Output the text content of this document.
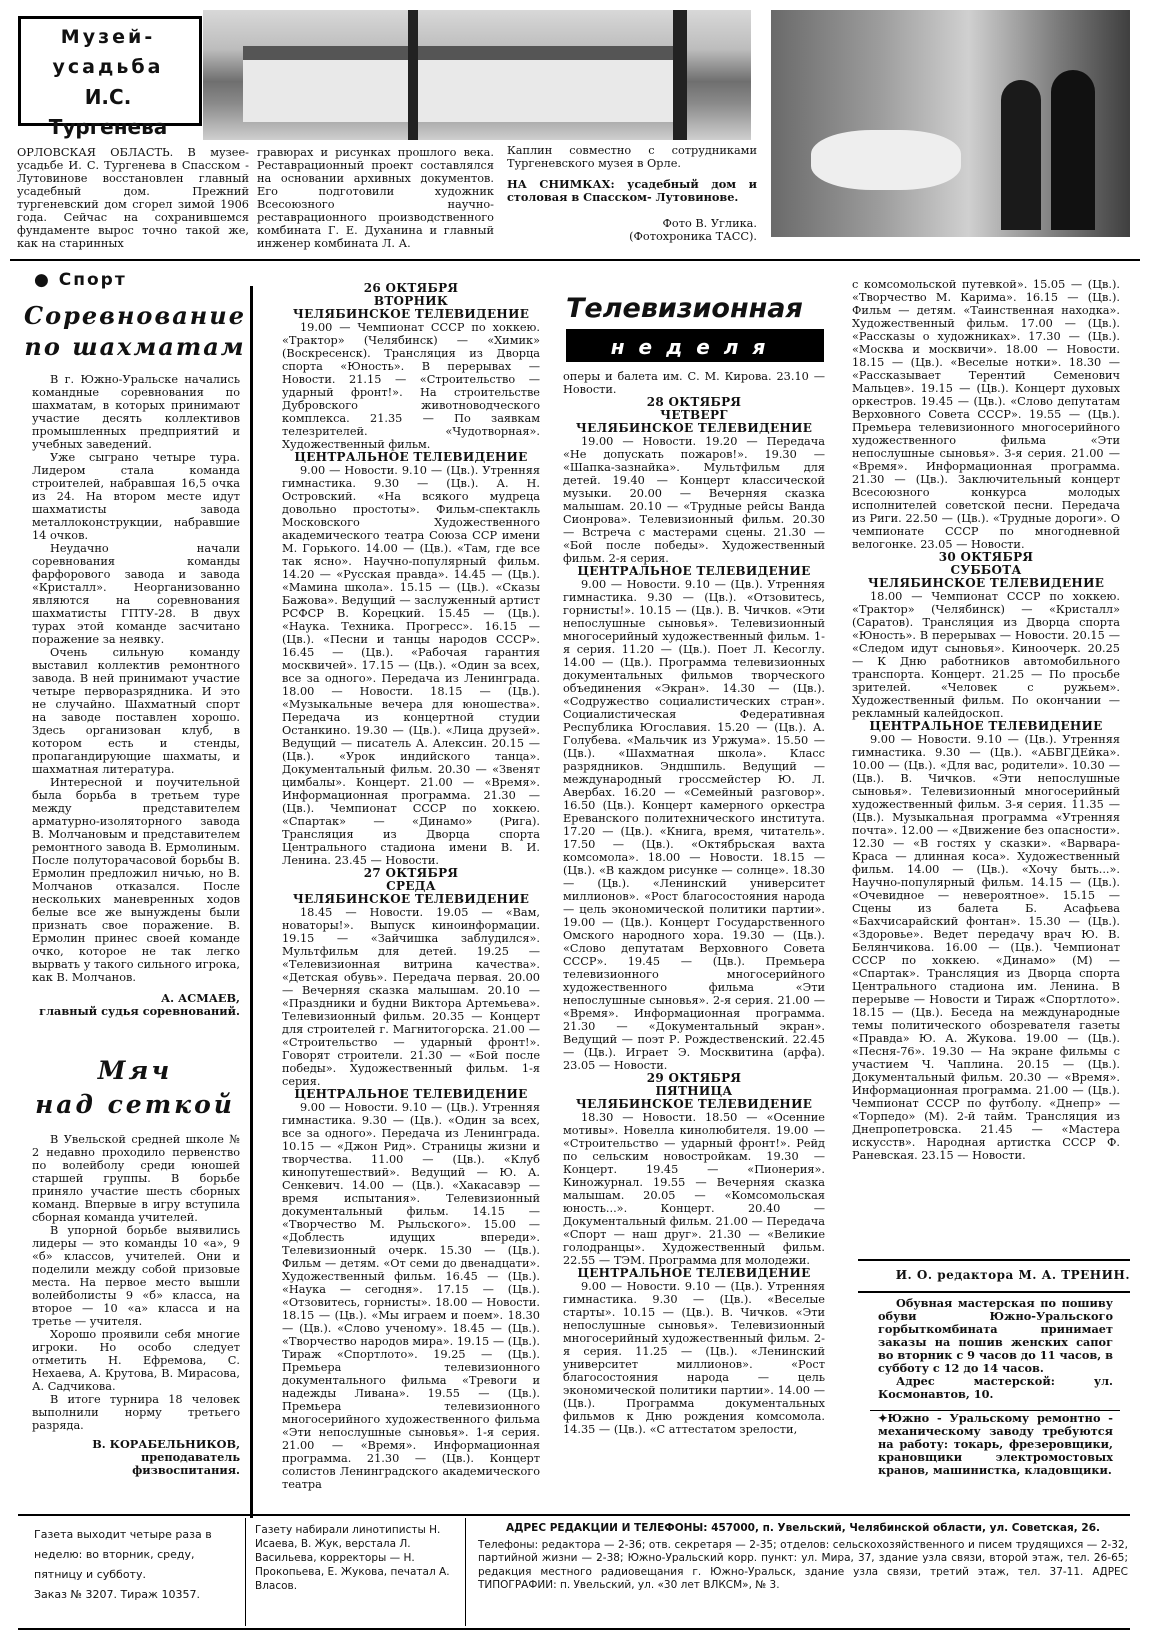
Музей-
усадьба
И.С. Тургенева
ОРЛОВСКАЯ ОБЛАСТЬ. В музее-усадьбе И. С. Тургенева в Спасском - Лутовинове восстановлен главный усадебный дом. Прежний тургеневский дом сгорел зимой 1906 года. Сейчас на сохранившемся фундаменте вырос точно такой же, как на старинных
гравюрах и рисунках прошлого века. Реставрационный проект составлялся на основании архивных документов. Его подготовили художник Всесоюзного научно-реставрационного производственного комбината Г. Е. Духанина и главный инженер комбината Л. А.
Каплин совместно с сотрудниками Тургеневского музея в Орле.
НА СНИМКАХ: усадебный дом и столовая в Спасском- Лутовинове.
Фото В. Углика.
(Фотохроника ТАСС).
● Спорт
Соревнование
по шахматам

В г. Южно-Уральске начались командные соревнования по шахматам, в которых принимают участие десять коллективов промышленных предприятий и учебных заведений.

Уже сыграно четыре тура. Лидером стала команда строителей, набравшая 16,5 очка из 24. На втором месте идут шахматисты завода металлоконструкции, набравшие 14 очков.

Неудачно начали соревнования команды фарфорового завода и завода «Кристалл». Неорганизованно являются на соревнования шахматисты ГПТУ-28. В двух турах этой команде засчитано поражение за неявку.

Очень сильную команду выставил коллектив ремонтного завода. В ней принимают участие четыре перворазрядника. И это не случайно. Шахматный спорт на заводе поставлен хорошо. Здесь организован клуб, в котором есть и стенды, пропагандирующие шахматы, и шахматная литература.

Интересной и поучительной была борьба в третьем туре между представителем арматурно-изоляторного завода В. Молчановым и представителем ремонтного завода В. Ермолиным. После полуторачасовой борьбы В. Ермолин предложил ничью, но В. Молчанов отказался. После нескольких маневренных ходов белые все же вынуждены были признать свое поражение. В. Ермолин принес своей команде очко, которое не так легко вырвать у такого сильного игрока, как В. Молчанов.

А. АСМАЕВ,

главный судья соревнований.

Мяч
над сеткой

В Увельской средней школе № 2 недавно проходило первенство по волейболу среди юношей старшей группы. В борьбе приняло участие шесть сборных команд. Впервые в игру вступила сборная команда учителей.

В упорной борьбе выявились лидеры — это команды 10 «а», 9 «б» классов, учителей. Они и поделили между собой призовые места. На первое место вышли волейболисты 9 «б» класса, на второе — 10 «а» класса и на третье — учителя.

Хорошо проявили себя многие игроки. Но особо следует отметить Н. Ефремова, С. Нехаева, А. Крутова, В. Мирасова, А. Садчикова.

В итоге турнира 18 человек выполнили норму третьего разряда.

В. КОРАБЕЛЬНИКОВ,

преподаватель физвоспитания.

Телевизионная
неделя
26 ОКТЯБРЯ
ВТОРНИК
ЧЕЛЯБИНСКОЕ ТЕЛЕВИДЕНИЕ

19.00 — Чемпионат СССР по хоккею. «Трактор» (Челябинск) — «Химик» (Воскресенск). Трансляция из Дворца спорта «Юность». В перерывах — Новости. 21.15 — «Строительство — ударный фронт!». На строительстве Дубровского животноводческого комплекса. 21.35 — По заявкам телезрителей. «Чудотворная». Художественный фильм.

ЦЕНТРАЛЬНОЕ ТЕЛЕВИДЕНИЕ

9.00 — Новости. 9.10 — (Цв.). Утренняя гимнастика. 9.30 — (Цв.). А. Н. Островский. «На всякого мудреца довольно простоты». Фильм-спектакль Московского Художественного академического театра Союза ССР имени М. Горького. 14.00 — (Цв.). «Там, где все так ясно». Научно-популярный фильм. 14.20 — «Русская правда». 14.45 — (Цв.). «Мамина школа». 15.15 — (Цв.). «Сказы Бажова». Ведущий — заслуженный артист РСФСР В. Корецкий. 15.45 — (Цв.). «Наука. Техника. Прогресс». 16.15 — (Цв.). «Песни и танцы народов СССР». 16.45 — (Цв.). «Рабочая гарантия москвичей». 17.15 — (Цв.). «Один за всех, все за одного». Передача из Ленинграда. 18.00 — Новости. 18.15 — (Цв.). «Музыкальные вечера для юношества». Передача из концертной студии Останкино. 19.30 — (Цв.). «Лица друзей». Ведущий — писатель А. Алексин. 20.15 — (Цв.). «Урок индийского танца». Документальный фильм. 20.30 — «Звенят цимбалы». Концерт. 21.00 — «Время». Информационная программа. 21.30 — (Цв.). Чемпионат СССР по хоккею. «Спартак» — «Динамо» (Рига). Трансляция из Дворца спорта Центрального стадиона имени В. И. Ленина. 23.45 — Новости.

27 ОКТЯБРЯ
СРЕДА
ЧЕЛЯБИНСКОЕ ТЕЛЕВИДЕНИЕ

18.45 — Новости. 19.05 — «Вам, новаторы!». Выпуск киноинформации. 19.15 — «Зайчишка заблудился». Мультфильм для детей. 19.25 — «Телевизионная витрина качества». «Детская обувь». Передача первая. 20.00 — Вечерняя сказка малышам. 20.10 — «Праздники и будни Виктора Артемьева». Телевизионный фильм. 20.35 — Концерт для строителей г. Магнитогорска. 21.00 — «Строительство — ударный фронт!». Говорят строители. 21.30 — «Бой после победы». Художественный фильм. 1-я серия.

ЦЕНТРАЛЬНОЕ ТЕЛЕВИДЕНИЕ

9.00 — Новости. 9.10 — (Цв.). Утренняя гимнастика. 9.30 — (Цв.). «Один за всех, все за одного». Передача из Ленинграда. 10.15 — «Джон Рид». Страницы жизни и творчества. 11.00 — (Цв.). «Клуб кинопутешествий». Ведущий — Ю. А. Сенкевич. 14.00 — (Цв.). «Хакасавэр — время испытания». Телевизионный документальный фильм. 14.15 — «Творчество М. Рыльского». 15.00 — «Доблесть идущих впереди». Телевизионный очерк. 15.30 — (Цв.). Фильм — детям. «От семи до двенадцати». Художественный фильм. 16.45 — (Цв.). «Наука — сегодня». 17.15 — (Цв.). «Отзовитесь, горнисты». 18.00 — Новости. 18.15 — (Цв.). «Мы играем и поем». 18.30 — (Цв.). «Слово ученому». 18.45 — (Цв.). «Творчество народов мира». 19.15 — (Цв.). Тираж «Спортлото». 19.25 — (Цв.). Премьера телевизионного документального фильма «Тревоги и надежды Ливана». 19.55 — (Цв.). Премьера телевизионного многосерийного художественного фильма «Эти непослушные сыновья». 1-я серия. 21.00 — «Время». Информационная программа. 21.30 — (Цв.). Концерт солистов Ленинградского академического театра

оперы и балета им. С. М. Кирова. 23.10 — Новости.

28 ОКТЯБРЯ
ЧЕТВЕРГ
ЧЕЛЯБИНСКОЕ ТЕЛЕВИДЕНИЕ

19.00 — Новости. 19.20 — Передача «Не допускать пожаров!». 19.30 — «Шапка-зазнайка». Мультфильм для детей. 19.40 — Концерт классической музыки. 20.00 — Вечерняя сказка малышам. 20.10 — «Трудные рейсы Ванда Сионрова». Телевизионный фильм. 20.30 — Встреча с мастерами сцены. 21.30 — «Бой после победы». Художественный фильм. 2-я серия.

ЦЕНТРАЛЬНОЕ ТЕЛЕВИДЕНИЕ

9.00 — Новости. 9.10 — (Цв.). Утренняя гимнастика. 9.30 — (Цв.). «Отзовитесь, горнисты!». 10.15 — (Цв.). В. Чичков. «Эти непослушные сыновья». Телевизионный многосерийный художественный фильм. 1-я серия. 11.20 — (Цв.). Поет Л. Кесоглу. 14.00 — (Цв.). Программа телевизионных документальных фильмов творческого объединения «Экран». 14.30 — (Цв.). «Содружество социалистических стран». Социалистическая Федеративная Республика Югославия. 15.20 — (Цв.). А. Голубева. «Мальчик из Уржума». 15.50 — (Цв.). «Шахматная школа». Класс разрядников. Эндшпиль. Ведущий — международный гроссмейстер Ю. Л. Авербах. 16.20 — «Семейный разговор». 16.50 (Цв.). Концерт камерного оркестра Ереванского политехнического института. 17.20 — (Цв.). «Книга, время, читатель». 17.50 — (Цв.). «Октябрьская вахта комсомола». 18.00 — Новости. 18.15 — (Цв.). «В каждом рисунке — солнце». 18.30 — (Цв.). «Ленинский университет миллионов». «Рост благосостояния народа — цель экономической политики партии». 19.00 — (Цв.). Концерт Государственного Омского народного хора. 19.30 — (Цв.). «Слово депутатам Верховного Совета СССР». 19.45 — (Цв.). Премьера телевизионного многосерийного художественного фильма «Эти непослушные сыновья». 2-я серия. 21.00 — «Время». Информационная программа. 21.30 — «Документальный экран». Ведущий — поэт Р. Рождественский. 22.45 — (Цв.). Играет Э. Москвитина (арфа). 23.05 — Новости.

29 ОКТЯБРЯ
ПЯТНИЦА
ЧЕЛЯБИНСКОЕ ТЕЛЕВИДЕНИЕ

18.30 — Новости. 18.50 — «Осенние мотивы». Новелла кинолюбителя. 19.00 — «Строительство — ударный фронт!». Рейд по сельским новостройкам. 19.30 — Концерт. 19.45 — «Пионерия». Киножурнал. 19.55 — Вечерняя сказка малышам. 20.05 — «Комсомольская юность...». Концерт. 20.40 — Документальный фильм. 21.00 — Передача «Спорт — наш друг». 21.30 — «Великие голодранцы». Художественный фильм. 22.55 — ТЭМ. Программа для молодежи.

ЦЕНТРАЛЬНОЕ ТЕЛЕВИДЕНИЕ

9.00 — Новости. 9.10 — (Цв.). Утренняя гимнастика. 9.30 — (Цв.). «Веселые старты». 10.15 — (Цв.). В. Чичков. «Эти непослушные сыновья». Телевизионный многосерийный художественный фильм. 2-я серия. 11.25 — (Цв.). «Ленинский университет миллионов». «Рост благосостояния народа — цель экономической политики партии». 14.00 — (Цв.). Программа документальных фильмов к Дню рождения комсомола. 14.35 — (Цв.). «С аттестатом зрелости,

с комсомольской путевкой». 15.05 — (Цв.). «Творчество М. Карима». 16.15 — (Цв.). Фильм — детям. «Таинственная находка». Художественный фильм. 17.00 — (Цв.). «Рассказы о художниках». 17.30 — (Цв.). «Москва и москвичи». 18.00 — Новости. 18.15 — (Цв.). «Веселые нотки». 18.30 — «Рассказывает Терентий Семенович Мальцев». 19.15 — (Цв.). Концерт духовых оркестров. 19.45 — (Цв.). «Слово депутатам Верховного Совета СССР». 19.55 — (Цв.). Премьера телевизионного многосерийного художественного фильма «Эти непослушные сыновья». 3-я серия. 21.00 — «Время». Информационная программа. 21.30 — (Цв.). Заключительный концерт Всесоюзного конкурса молодых исполнителей советской песни. Передача из Риги. 22.50 — (Цв.). «Трудные дороги». О чемпионате СССР по многодневной велогонке. 23.05 — Новости.

30 ОКТЯБРЯ
СУББОТА
ЧЕЛЯБИНСКОЕ ТЕЛЕВИДЕНИЕ

18.00 — Чемпионат СССР по хоккею. «Трактор» (Челябинск) — «Кристалл» (Саратов). Трансляция из Дворца спорта «Юность». В перерывах — Новости. 20.15 — «Следом идут сыновья». Киноочерк. 20.25 — К Дню работников автомобильного транспорта. Концерт. 21.25 — По просьбе зрителей. «Человек с ружьем». Художественный фильм. По окончании — рекламный калейдоскоп.

ЦЕНТРАЛЬНОЕ ТЕЛЕВИДЕНИЕ

9.00 — Новости. 9.10 — (Цв.). Утренняя гимнастика. 9.30 — (Цв.). «АБВГДЕйка». 10.00 — (Цв.). «Для вас, родители». 10.30 — (Цв.). В. Чичков. «Эти непослушные сыновья». Телевизионный многосерийный художественный фильм. 3-я серия. 11.35 — (Цв.). Музыкальная программа «Утренняя почта». 12.00 — «Движение без опасности». 12.30 — «В гостях у сказки». «Варвара-Краса — длинная коса». Художественный фильм. 14.00 — (Цв.). «Хочу быть...». Научно-популярный фильм. 14.15 — (Цв.). «Очевидное — невероятное». 15.15 — Сцены из балета Б. Асафьева «Бахчисарайский фонтан». 15.30 — (Цв.). «Здоровье». Ведет передачу врач Ю. В. Белянчикова. 16.00 — (Цв.). Чемпионат СССР по хоккею. «Динамо» (М) — «Спартак». Трансляция из Дворца спорта Центрального стадиона им. Ленина. В перерыве — Новости и Тираж «Спортлото». 18.15 — (Цв.). Беседа на международные темы политического обозревателя газеты «Правда» Ю. А. Жукова. 19.00 — (Цв.). «Песня-76». 19.30 — На экране фильмы с участием Ч. Чаплина. 20.15 — (Цв.). Документальный фильм. 20.30 — «Время». Информационная программа. 21.00 — (Цв.). Чемпионат СССР по футболу. «Днепр» — «Торпедо» (М). 2-й тайм. Трансляция из Днепропетровска. 21.45 — «Мастера искусств». Народная артистка СССР Ф. Раневская. 23.15 — Новости.

И. О. редактора М. А. ТРЕНИН.

Обувная мастерская по пошиву обуви Южно-Уральского горбыткомбината принимает заказы на пошив женских сапог во вторник с 9 часов до 11 часов, в субботу с 12 до 14 часов.

Адрес мастерской: ул. Космонавтов, 10.

✦Южно - Уральскому ремонтно - механическому заводу требуются на работу: токарь, фрезеровщики, крановщики электромостовых кранов, машинистка, кладовщики.
Газета выходит четыре раза в неделю: во вторник, среду, пятницу и субботу.
Заказ № 3207. Тираж 10357.
Газету набирали линотиписты Н. Исаева, В. Жук, верстала Л. Васильева, корректоры — Н. Прокопьева, Е. Жукова, печатал А. Власов.
АДРЕС РЕДАКЦИИ И ТЕЛЕФОНЫ: 457000, п. Увельский, Челябинской области, ул. Советская, 26.
Телефоны: редактора — 2-36; отв. секретаря — 2-35; отделов: сельскохозяйственного и писем трудящихся — 2-32, партийной жизни — 2-38; Южно-Уральский корр. пункт: ул. Мира, 37, здание узла связи, второй этаж, тел. 26-65; редакция местного радиовещания г. Южно-Уральск, здание узла связи, третий этаж, тел. 37-11. АДРЕС ТИПОГРАФИИ: п. Увельский, ул. «30 лет ВЛКСМ», № 3.
